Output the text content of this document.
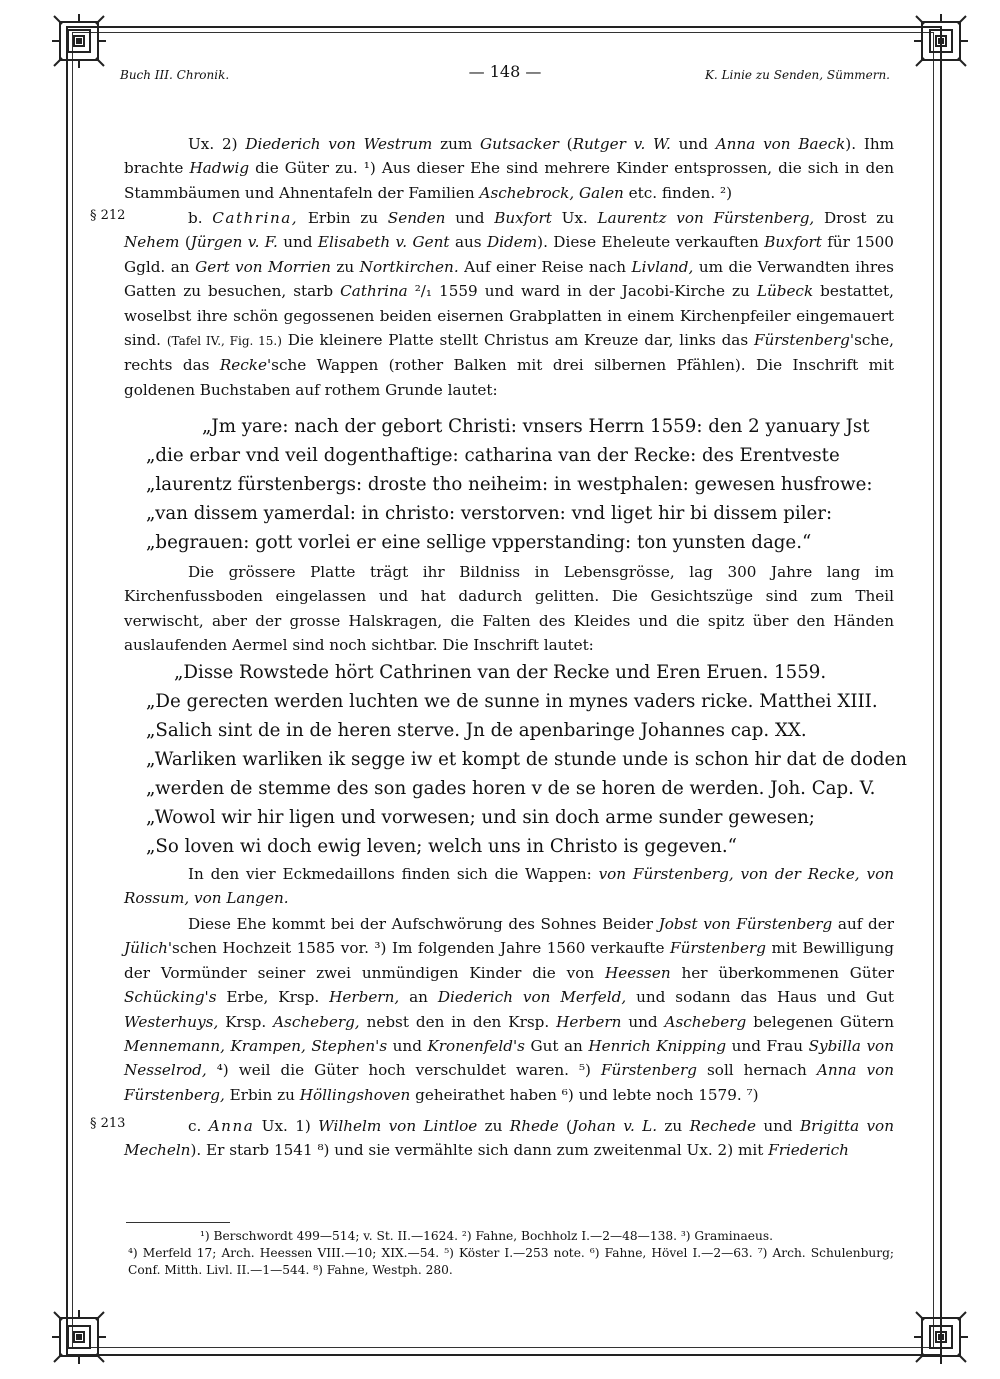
Buch III. Chronik.	— 148 —	K. Linie zu Senden, Sümmern.
§ 212
§ 213

Ux. 2) Diederich von Westrum zum Gutsacker (Rutger v. W. und Anna von Baeck). Ihm brachte Hadwig die Güter zu. ¹) Aus dieser Ehe sind mehrere Kinder entsprossen, die sich in den Stammbäumen und Ahnentafeln der Familien Aschebrock, Galen etc. finden. ²)

b. Cathrina, Erbin zu Senden und Buxfort Ux. Laurentz von Fürstenberg, Drost zu Nehem (Jürgen v. F. und Elisabeth v. Gent aus Didem). Diese Eheleute verkauften Buxfort für 1500 Ggld. an Gert von Morrien zu Nortkirchen. Auf einer Reise nach Livland, um die Verwandten ihres Gatten zu besuchen, starb Cathrina ²/₁ 1559 und ward in der Jacobi-Kirche zu Lübeck bestattet, woselbst ihre schön gegossenen beiden eisernen Grabplatten in einem Kirchenpfeiler eingemauert sind. (Tafel IV., Fig. 15.) Die kleinere Platte stellt Christus am Kreuze dar, links das Fürstenberg'sche, rechts das Recke'sche Wappen (rother Balken mit drei silbernen Pfählen). Die Inschrift mit goldenen Buchstaben auf rothem Grunde lautet:

„Jm yare: nach der gebort Christi: vnsers Herrn 1559: den 2 yanuary Jst
„die erbar vnd veil dogenthaftige: catharina van der Recke: des Erentveste
„laurentz fürstenbergs: droste tho neiheim: in westphalen: gewesen husfrowe:
„van dissem yamerdal: in christo: verstorven: vnd liget hir bi dissem piler:
„begrauen: gott vorlei er eine sellige vpperstanding: ton yunsten dage.“

Die grössere Platte trägt ihr Bildniss in Lebensgrösse, lag 300 Jahre lang im Kirchenfussboden eingelassen und hat dadurch gelitten. Die Gesichtszüge sind zum Theil verwischt, aber der grosse Halskragen, die Falten des Kleides und die spitz über den Händen auslaufenden Aermel sind noch sichtbar. Die Inschrift lautet:

„Disse Rowstede hört Cathrinen van der Recke und Eren Eruen. 1559.
„De gerecten werden luchten we de sunne in mynes vaders ricke. Matthei XIII.
„Salich sint de in de heren sterve. Jn de apenbaringe Johannes cap. XX.
„Warliken warliken ik segge iw et kompt de stunde unde is schon hir dat de doden
„werden de stemme des son gades horen v de se horen de werden. Joh. Cap. V.
„Wowol wir hir ligen und vorwesen; und sin doch arme sunder gewesen;
„So loven wi doch ewig leven; welch uns in Christo is gegeven.“

In den vier Eckmedaillons finden sich die Wappen: von Fürstenberg, von der Recke, von Rossum, von Langen.

Diese Ehe kommt bei der Aufschwörung des Sohnes Beider Jobst von Fürstenberg auf der Jülich'schen Hochzeit 1585 vor. ³) Im folgenden Jahre 1560 verkaufte Fürstenberg mit Bewilligung der Vormünder seiner zwei unmündigen Kinder die von Heessen her überkommenen Güter Schücking's Erbe, Krsp. Herbern, an Diederich von Merfeld, und sodann das Haus und Gut Westerhuys, Krsp. Ascheberg, nebst den in den Krsp. Herbern und Ascheberg belegenen Gütern Mennemann, Krampen, Stephen's und Kronenfeld's Gut an Henrich Knipping und Frau Sybilla von Nesselrod, ⁴) weil die Güter hoch verschuldet waren. ⁵) Fürstenberg soll hernach Anna von Fürstenberg, Erbin zu Höllingshoven geheirathet haben ⁶) und lebte noch 1579. ⁷)

c. Anna Ux. 1) Wilhelm von Lintloe zu Rhede (Johan v. L. zu Rechede und Brigitta von Mecheln). Er starb 1541 ⁸) und sie vermählte sich dann zum zweitenmal Ux. 2) mit Friederich

¹) Berschwordt 499—514; v. St. II.—1624. ²) Fahne, Bochholz I.—2—48—138. ³) Graminaeus.
⁴) Merfeld 17; Arch. Heessen VIII.—10; XIX.—54. ⁵) Köster I.—253 note. ⁶) Fahne, Hövel I.—2—63. ⁷) Arch. Schulenburg; Conf. Mitth. Livl. II.—1—544. ⁸) Fahne, Westph. 280.
